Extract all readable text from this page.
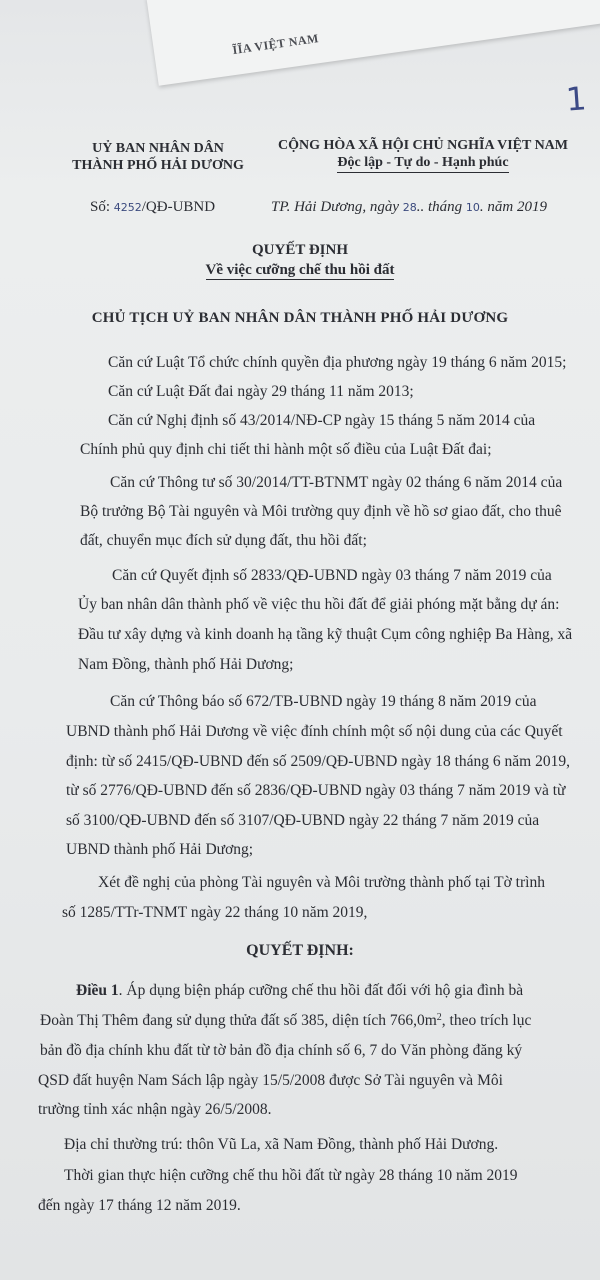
ĨĨA VIỆT NAM
1
UỶ BAN NHÂN DÂN
THÀNH PHỐ HẢI DƯƠNG
CỘNG HÒA XÃ HỘI CHỦ NGHĨA VIỆT NAM
Độc lập - Tự do - Hạnh phúc
Số: 4252/QĐ-UBND	TP. Hải Dương, ngày 28.. tháng 10. năm 2019
QUYẾT ĐỊNH
Về việc cưỡng chế thu hồi đất
CHỦ TỊCH UỶ BAN NHÂN DÂN THÀNH PHỐ HẢI DƯƠNG
Căn cứ Luật Tổ chức chính quyền địa phương ngày 19 tháng 6 năm 2015;
Căn cứ Luật Đất đai ngày 29 tháng 11 năm 2013;
Căn cứ Nghị định số 43/2014/NĐ-CP ngày 15 tháng 5 năm 2014 của
Chính phủ quy định chi tiết thi hành một số điều của Luật Đất đai;
Căn cứ Thông tư số 30/2014/TT-BTNMT ngày 02 tháng 6 năm 2014 của
Bộ trưởng Bộ Tài nguyên và Môi trường quy định về hồ sơ giao đất, cho thuê
đất, chuyển mục đích sử dụng đất, thu hồi đất;
Căn cứ Quyết định số 2833/QĐ-UBND ngày 03 tháng 7 năm 2019 của
Ủy ban nhân dân thành phố về việc thu hồi đất để giải phóng mặt bằng dự án:
Đầu tư xây dựng và kinh doanh hạ tầng kỹ thuật Cụm công nghiệp Ba Hàng, xã
Nam Đồng, thành phố Hải Dương;
Căn cứ Thông báo số 672/TB-UBND ngày 19 tháng 8 năm 2019 của
UBND thành phố Hải Dương về việc đính chính một số nội dung của các Quyết
định: từ số 2415/QĐ-UBND đến số 2509/QĐ-UBND ngày 18 tháng 6 năm 2019,
từ số 2776/QĐ-UBND đến số 2836/QĐ-UBND ngày 03 tháng 7 năm 2019 và từ
số 3100/QĐ-UBND đến số 3107/QĐ-UBND ngày 22 tháng 7 năm 2019 của
UBND thành phố Hải Dương;
Xét đề nghị của phòng Tài nguyên và Môi trường thành phố tại Tờ trình
số 1285/TTr-TNMT ngày 22 tháng 10 năm 2019,
QUYẾT ĐỊNH:
Điều 1. Áp dụng biện pháp cưỡng chế thu hồi đất đối với hộ gia đình bà
Đoàn Thị Thêm đang sử dụng thửa đất số 385, diện tích $766,0m^2$, theo trích lục
bản đồ địa chính khu đất từ tờ bản đồ địa chính số 6, 7 do Văn phòng đăng ký
QSD đất huyện Nam Sách lập ngày 15/5/2008 được Sở Tài nguyên và Môi
trường tỉnh xác nhận ngày 26/5/2008.
Địa chỉ thường trú: thôn Vũ La, xã Nam Đồng, thành phố Hải Dương.
Thời gian thực hiện cưỡng chế thu hồi đất từ ngày 28 tháng 10 năm 2019
đến ngày 17 tháng 12 năm 2019.
